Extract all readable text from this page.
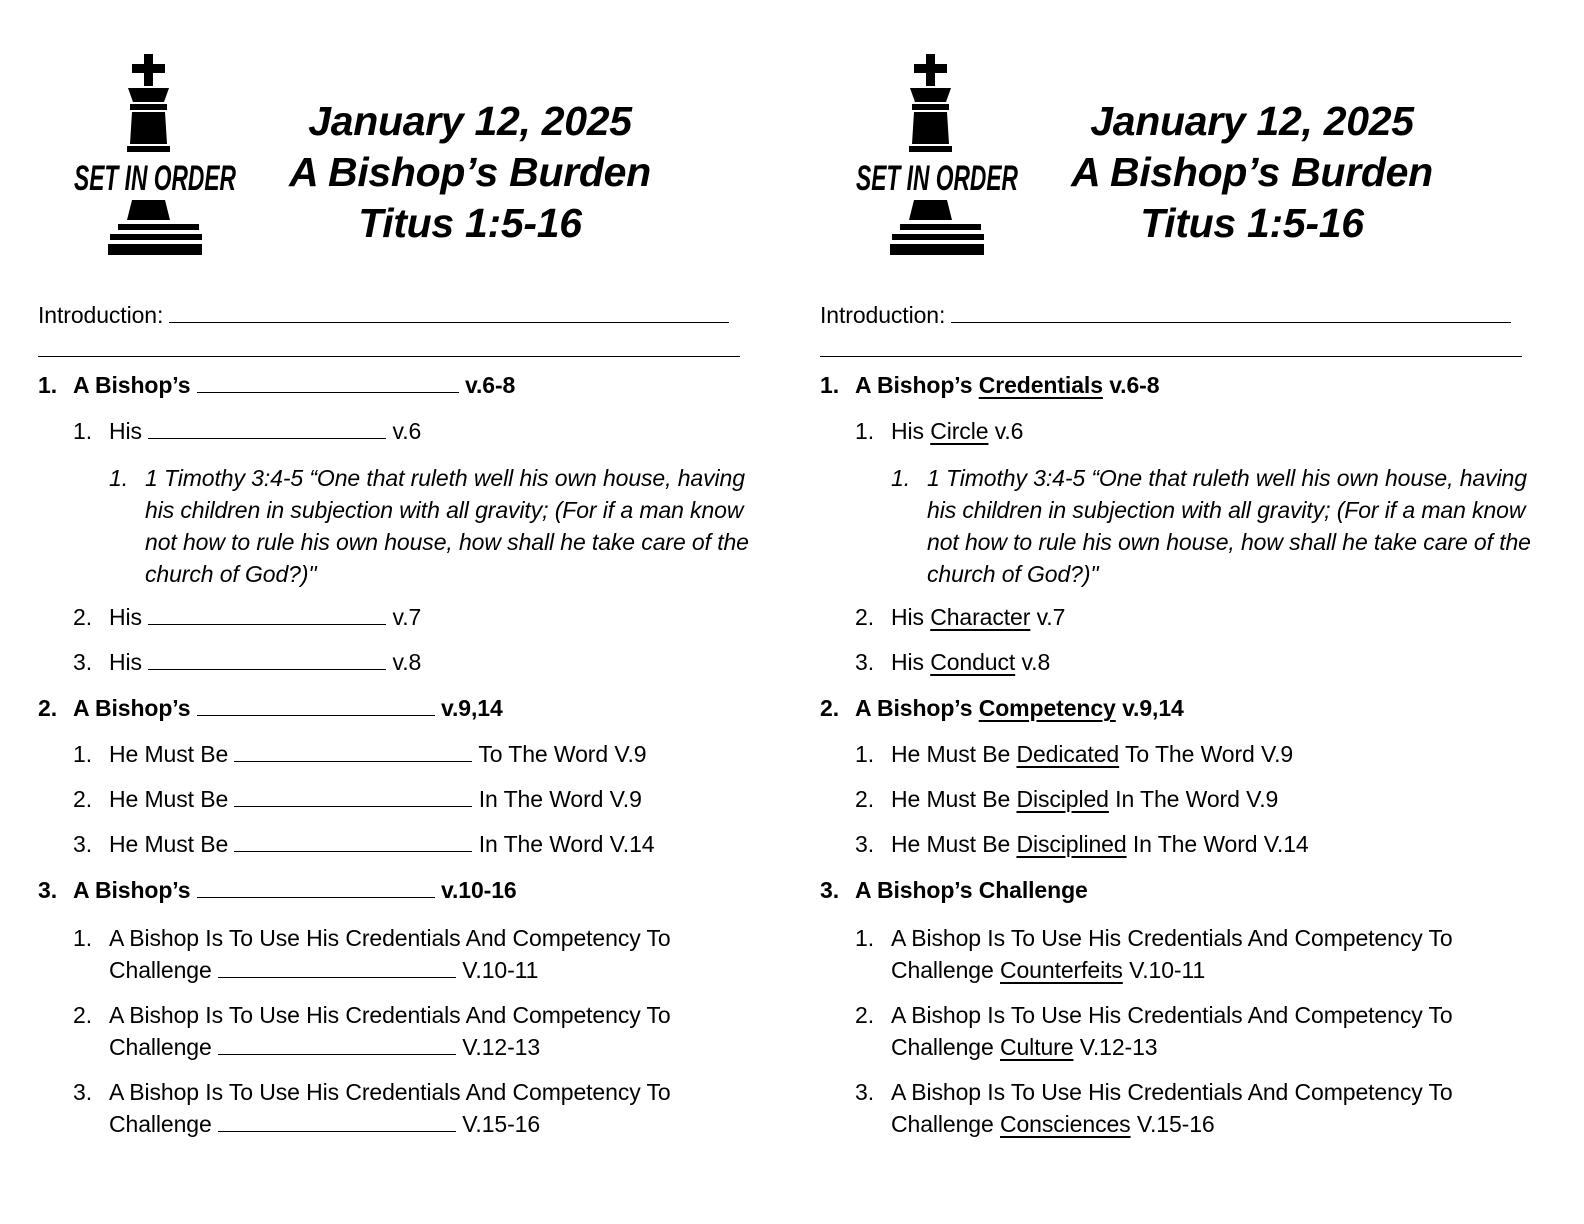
SET IN ORDER
January 12, 2025
A Bishop’s Burden
Titus 1:5-16
Introduction:
1. A Bishop’s	v.6-8
1. His	v.6
1. 1 Timothy 3:4-5 “One that ruleth well his own house, having his children in subjection with all gravity; (For if a man know not how to rule his own house, how shall he take care of the church of God?)"
2. His	v.7
3. His	v.8
2. A Bishop’s	v.9,14
1. He Must Be	To The Word V.9
2. He Must Be	In The Word V.9
3. He Must Be	In The Word V.14
3. A Bishop’s	v.10-16
1. A Bishop Is To Use His Credentials And Competency To
Challenge	V.10-11
2. A Bishop Is To Use His Credentials And Competency To
Challenge	V.12-13
3. A Bishop Is To Use His Credentials And Competency To
Challenge	V.15-16
SET IN ORDER
January 12, 2025
A Bishop’s Burden
Titus 1:5-16
Introduction:
1. A Bishop’s Credentials v.6-8
1. His Circle v.6
1. 1 Timothy 3:4-5 “One that ruleth well his own house, having his children in subjection with all gravity; (For if a man know not how to rule his own house, how shall he take care of the church of God?)"
2. His Character v.7
3. His Conduct v.8
2. A Bishop’s Competency v.9,14
1. He Must Be Dedicated To The Word V.9
2. He Must Be Discipled In The Word V.9
3. He Must Be Disciplined In The Word V.14
3. A Bishop’s Challenge
1. A Bishop Is To Use His Credentials And Competency To
Challenge Counterfeits V.10-11
2. A Bishop Is To Use His Credentials And Competency To
Challenge Culture V.12-13
3. A Bishop Is To Use His Credentials And Competency To
Challenge Consciences V.15-16
